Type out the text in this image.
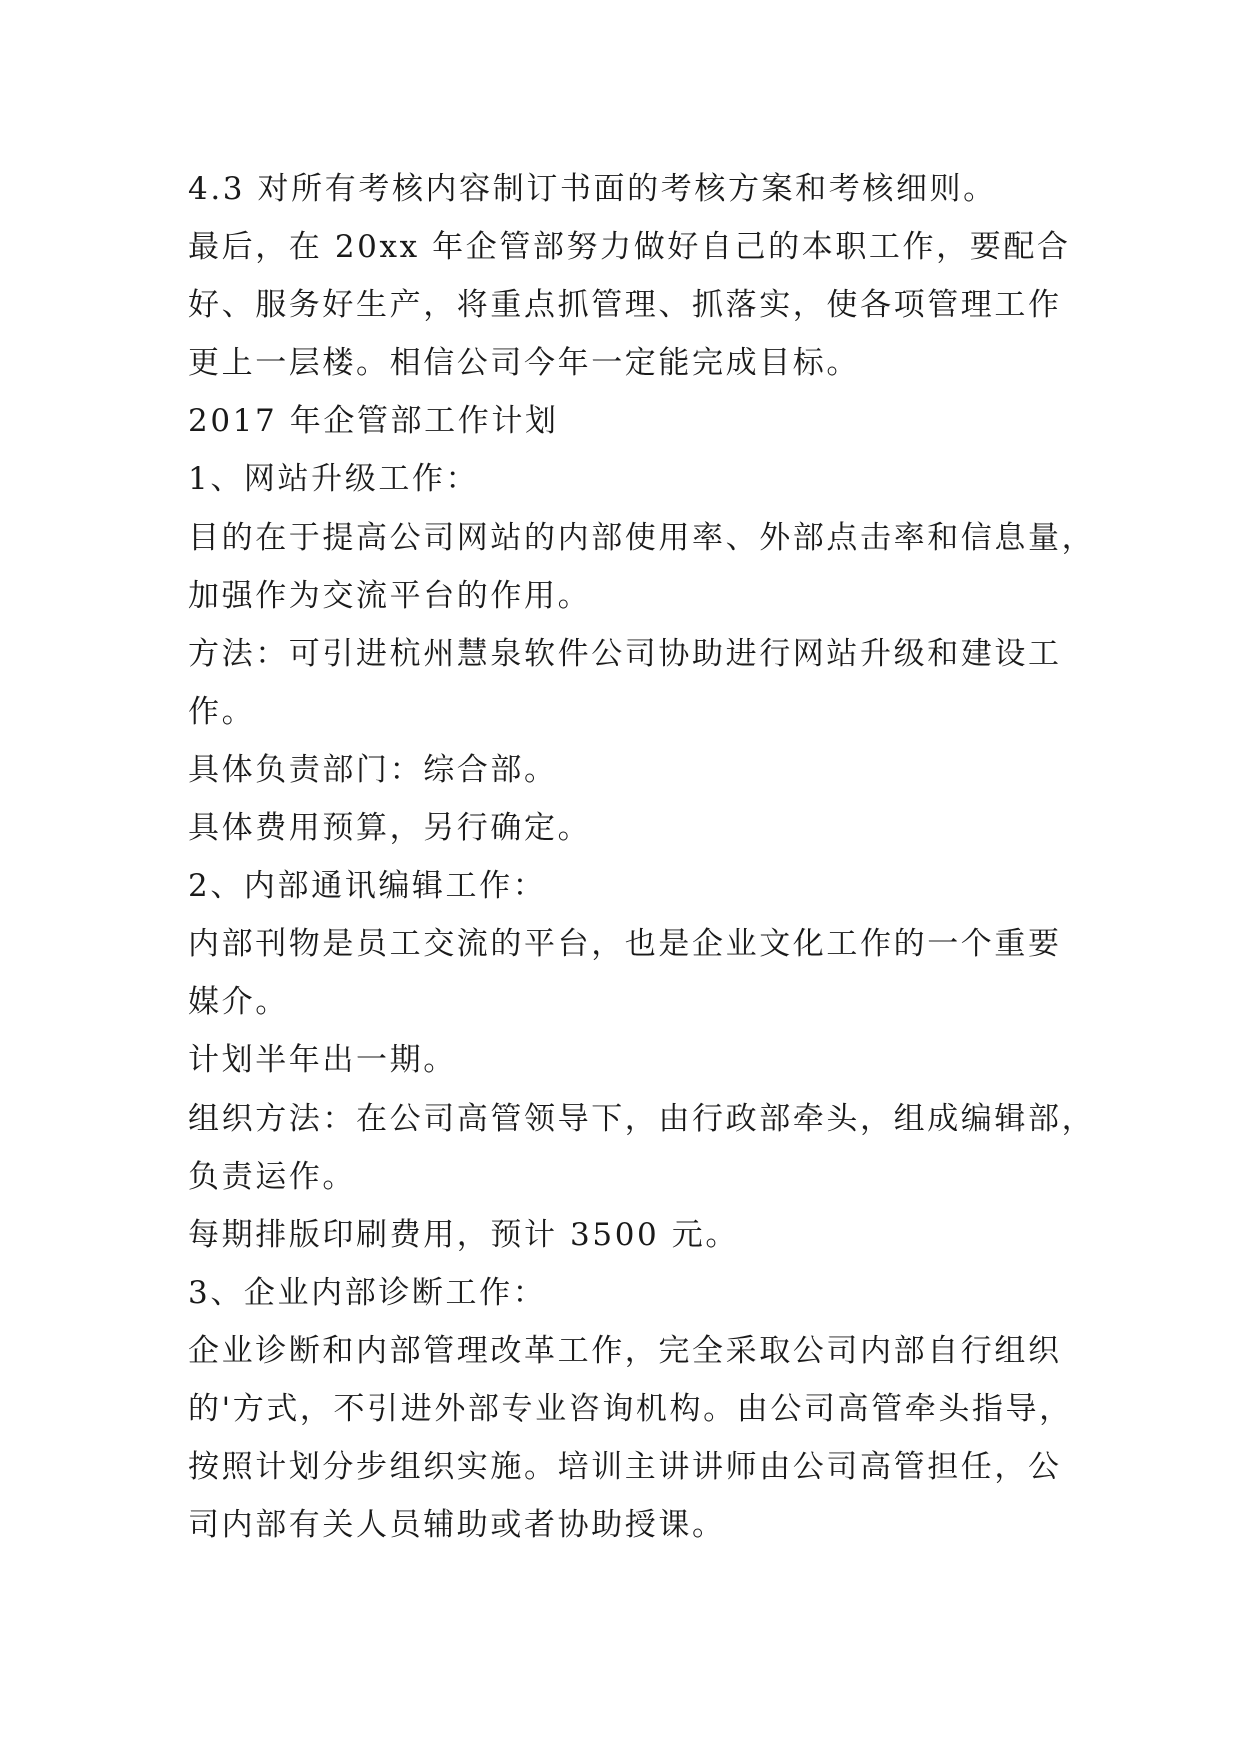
4.3 对所有考核内容制订书面的考核方案和考核细则。
最后，在 20xx 年企管部努力做好自己的本职工作，要配合
好、服务好生产，将重点抓管理、抓落实，使各项管理工作
更上一层楼。相信公司今年一定能完成目标。
2017 年企管部工作计划
1、网站升级工作：
目的在于提高公司网站的内部使用率、外部点击率和信息量，
加强作为交流平台的作用。
方法：可引进杭州慧泉软件公司协助进行网站升级和建设工
作。
具体负责部门：综合部。
具体费用预算，另行确定。
2、内部通讯编辑工作：
内部刊物是员工交流的平台，也是企业文化工作的一个重要
媒介。
计划半年出一期。
组织方法：在公司高管领导下，由行政部牵头，组成编辑部，
负责运作。
每期排版印刷费用，预计 3500 元。
3、企业内部诊断工作：
企业诊断和内部管理改革工作，完全采取公司内部自行组织
的'方式，不引进外部专业咨询机构。由公司高管牵头指导，
按照计划分步组织实施。培训主讲讲师由公司高管担任，公
司内部有关人员辅助或者协助授课。
